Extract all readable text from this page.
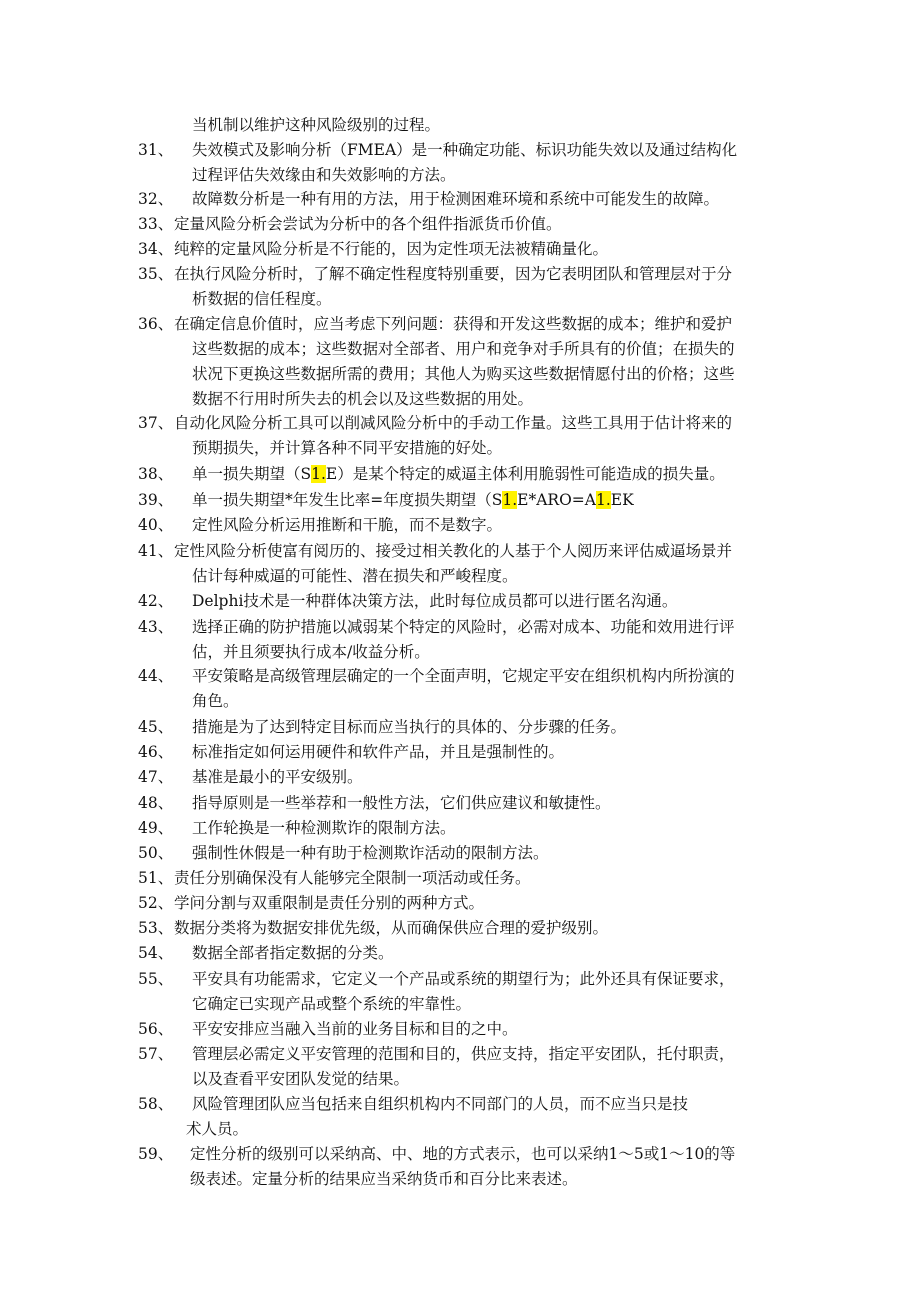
当机制以维护这种风险级别的过程。
31、 失效模式及影响分析（FMEA）是一种确定功能、标识功能失效以及通过结构化
过程评估失效缘由和失效影响的方法。
32、 故障数分析是一种有用的方法，用于检测困难环境和系统中可能发生的故障。
33、 定量风险分析会尝试为分析中的各个组件指派货币价值。
34、 纯粹的定量风险分析是不行能的，因为定性项无法被精确量化。
35、 在执行风险分析时，了解不确定性程度特别重要，因为它表明团队和管理层对于分
析数据的信任程度。
36、 在确定信息价值时，应当考虑下列问题：获得和开发这些数据的成本；维护和爱护
这些数据的成本；这些数据对全部者、用户和竞争对手所具有的价值；在损失的
状况下更换这些数据所需的费用；其他人为购买这些数据情愿付出的价格；这些
数据不行用时所失去的机会以及这些数据的用处。
37、 自动化风险分析工具可以削减风险分析中的手动工作量。这些工具用于估计将来的
预期损失，并计算各种不同平安措施的好处。
38、 单一损失期望（S1.E）是某个特定的威逼主体利用脆弱性可能造成的损失量。
39、 单一损失期望*年发生比率=年度损失期望（S1.E*ARO=A1.EK
40、 定性风险分析运用推断和干脆，而不是数字。
41、 定性风险分析使富有阅历的、接受过相关教化的人基于个人阅历来评估威逼场景并
估计每种威逼的可能性、潜在损失和严峻程度。
42、 Delphi技术是一种群体决策方法，此时每位成员都可以进行匿名沟通。
43、 选择正确的防护措施以减弱某个特定的风险时，必需对成本、功能和效用进行评
估，并且须要执行成本/收益分析。
44、 平安策略是高级管理层确定的一个全面声明，它规定平安在组织机构内所扮演的
角色。
45、 措施是为了达到特定目标而应当执行的具体的、分步骤的任务。
46、 标准指定如何运用硬件和软件产品，并且是强制性的。
47、 基准是最小的平安级别。
48、 指导原则是一些举荐和一般性方法，它们供应建议和敏捷性。
49、 工作轮换是一种检测欺诈的限制方法。
50、 强制性休假是一种有助于检测欺诈活动的限制方法。
51、 责任分别确保没有人能够完全限制一项活动或任务。
52、 学问分割与双重限制是责任分别的两种方式。
53、 数据分类将为数据安排优先级，从而确保供应合理的爱护级别。
54、 数据全部者指定数据的分类。
55、 平安具有功能需求，它定义一个产品或系统的期望行为；此外还具有保证要求，
它确定已实现产品或整个系统的牢靠性。
56、 平安安排应当融入当前的业务目标和目的之中。
57、 管理层必需定义平安管理的范围和目的，供应支持，指定平安团队，托付职责，
以及查看平安团队发觉的结果。
58、 风险管理团队应当包括来自组织机构内不同部门的人员，而不应当只是技
术人员。
59、 定性分析的级别可以采纳高、中、地的方式表示，也可以采纳1～5或1～10的等
级表述。定量分析的结果应当采纳货币和百分比来表述。
